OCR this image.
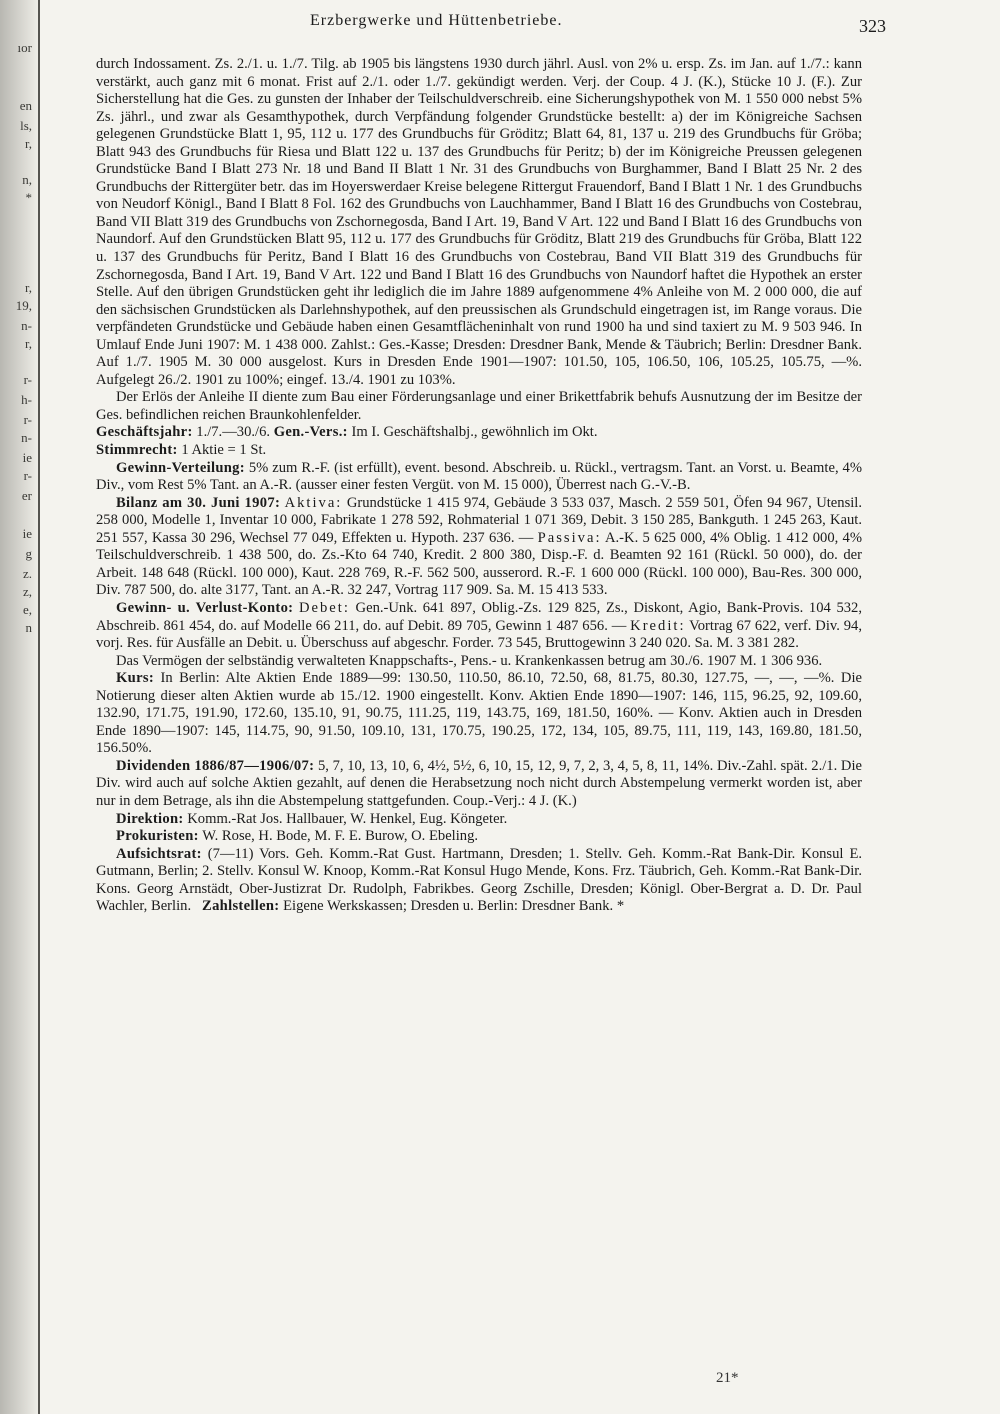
ıor
en
ls,
r,
n,
*
r,
19,
n-
r,
r-
h-
r-
n-
ie
r-
er
ie
g
z.
z,
e,
n
Erzbergwerke und Hüttenbetriebe.	323

durch Indossament. Zs. 2./1. u. 1./7. Tilg. ab 1905 bis längstens 1930 durch jährl. Ausl. von 2% u. ersp. Zs. im Jan. auf 1./7.: kann verstärkt, auch ganz mit 6 monat. Frist auf 2./1. oder 1./7. gekündigt werden. Verj. der Coup. 4 J. (K.), Stücke 10 J. (F.). Zur Sicherstellung hat die Ges. zu gunsten der Inhaber der Teilschuldverschreib. eine Sicherungshypothek von M. 1 550 000 nebst 5% Zs. jährl., und zwar als Gesamthypothek, durch Verpfändung folgender Grundstücke bestellt: a) der im Königreiche Sachsen gelegenen Grundstücke Blatt 1, 95, 112 u. 177 des Grundbuchs für Gröditz; Blatt 64, 81, 137 u. 219 des Grundbuchs für Gröba; Blatt 943 des Grundbuchs für Riesa und Blatt 122 u. 137 des Grundbuchs für Peritz; b) der im Königreiche Preussen gelegenen Grundstücke Band I Blatt 273 Nr. 18 und Band II Blatt 1 Nr. 31 des Grundbuchs von Burghammer, Band I Blatt 25 Nr. 2 des Grundbuchs der Rittergüter betr. das im Hoyerswerdaer Kreise belegene Rittergut Frauendorf, Band I Blatt 1 Nr. 1 des Grundbuchs von Neudorf Königl., Band I Blatt 8 Fol. 162 des Grundbuchs von Lauchhammer, Band I Blatt 16 des Grundbuchs von Costebrau, Band VII Blatt 319 des Grundbuchs von Zschornegosda, Band I Art. 19, Band V Art. 122 und Band I Blatt 16 des Grundbuchs von Naundorf. Auf den Grundstücken Blatt 95, 112 u. 177 des Grundbuchs für Gröditz, Blatt 219 des Grundbuchs für Gröba, Blatt 122 u. 137 des Grundbuchs für Peritz, Band I Blatt 16 des Grundbuchs von Costebrau, Band VII Blatt 319 des Grundbuchs für Zschornegosda, Band I Art. 19, Band V Art. 122 und Band I Blatt 16 des Grundbuchs von Naundorf haftet die Hypothek an erster Stelle. Auf den übrigen Grundstücken geht ihr lediglich die im Jahre 1889 aufgenommene 4% Anleihe von M. 2 000 000, die auf den sächsischen Grundstücken als Darlehnshypothek, auf den preussischen als Grundschuld eingetragen ist, im Range voraus. Die verpfändeten Grundstücke und Gebäude haben einen Gesamtflächeninhalt von rund 1900 ha und sind taxiert zu M. 9 503 946. In Umlauf Ende Juni 1907: M. 1 438 000. Zahlst.: Ges.-Kasse; Dresden: Dresdner Bank, Mende & Täubrich; Berlin: Dresdner Bank. Auf 1./7. 1905 M. 30 000 ausgelost. Kurs in Dresden Ende 1901—1907: 101.50, 105, 106.50, 106, 105.25, 105.75, —%. Aufgelegt 26./2. 1901 zu 100%; eingef. 13./4. 1901 zu 103%.

Der Erlös der Anleihe II diente zum Bau einer Förderungsanlage und einer Brikettfabrik behufs Ausnutzung der im Besitze der Ges. befindlichen reichen Braunkohlenfelder.

Geschäftsjahr: 1./7.—30./6. Gen.-Vers.: Im I. Geschäftshalbj., gewöhnlich im Okt.

Stimmrecht: 1 Aktie = 1 St.

Gewinn-Verteilung: 5% zum R.-F. (ist erfüllt), event. besond. Abschreib. u. Rückl., vertragsm. Tant. an Vorst. u. Beamte, 4% Div., vom Rest 5% Tant. an A.-R. (ausser einer festen Vergüt. von M. 15 000), Überrest nach G.-V.-B.

Bilanz am 30. Juni 1907: Aktiva: Grundstücke 1 415 974, Gebäude 3 533 037, Masch. 2 559 501, Öfen 94 967, Utensil. 258 000, Modelle 1, Inventar 10 000, Fabrikate 1 278 592, Rohmaterial 1 071 369, Debit. 3 150 285, Bankguth. 1 245 263, Kaut. 251 557, Kassa 30 296, Wechsel 77 049, Effekten u. Hypoth. 237 636. — Passiva: A.-K. 5 625 000, 4% Oblig. 1 412 000, 4% Teilschuldverschreib. 1 438 500, do. Zs.-Kto 64 740, Kredit. 2 800 380, Disp.-F. d. Beamten 92 161 (Rückl. 50 000), do. der Arbeit. 148 648 (Rückl. 100 000), Kaut. 228 769, R.-F. 562 500, ausserord. R.-F. 1 600 000 (Rückl. 100 000), Bau-Res. 300 000, Div. 787 500, do. alte 3177, Tant. an A.-R. 32 247, Vortrag 117 909. Sa. M. 15 413 533.

Gewinn- u. Verlust-Konto: Debet: Gen.-Unk. 641 897, Oblig.-Zs. 129 825, Zs., Diskont, Agio, Bank-Provis. 104 532, Abschreib. 861 454, do. auf Modelle 66 211, do. auf Debit. 89 705, Gewinn 1 487 656. — Kredit: Vortrag 67 622, verf. Div. 94, vorj. Res. für Ausfälle an Debit. u. Überschuss auf abgeschr. Forder. 73 545, Bruttogewinn 3 240 020. Sa. M. 3 381 282.

Das Vermögen der selbständig verwalteten Knappschafts-, Pens.- u. Krankenkassen betrug am 30./6. 1907 M. 1 306 936.

Kurs: In Berlin: Alte Aktien Ende 1889—99: 130.50, 110.50, 86.10, 72.50, 68, 81.75, 80.30, 127.75, —, —, —%. Die Notierung dieser alten Aktien wurde ab 15./12. 1900 eingestellt. Konv. Aktien Ende 1890—1907: 146, 115, 96.25, 92, 109.60, 132.90, 171.75, 191.90, 172.60, 135.10, 91, 90.75, 111.25, 119, 143.75, 169, 181.50, 160%. — Konv. Aktien auch in Dresden Ende 1890—1907: 145, 114.75, 90, 91.50, 109.10, 131, 170.75, 190.25, 172, 134, 105, 89.75, 111, 119, 143, 169.80, 181.50, 156.50%.

Dividenden 1886/87—1906/07: 5, 7, 10, 13, 10, 6, 4½, 5½, 6, 10, 15, 12, 9, 7, 2, 3, 4, 5, 8, 11, 14%. Div.-Zahl. spät. 2./1. Die Div. wird auch auf solche Aktien gezahlt, auf denen die Herabsetzung noch nicht durch Abstempelung vermerkt worden ist, aber nur in dem Betrage, als ihn die Abstempelung stattgefunden. Coup.-Verj.: 4 J. (K.)

Direktion: Komm.-Rat Jos. Hallbauer, W. Henkel, Eug. Köngeter.

Prokuristen: W. Rose, H. Bode, M. F. E. Burow, O. Ebeling.

Aufsichtsrat: (7—11) Vors. Geh. Komm.-Rat Gust. Hartmann, Dresden; 1. Stellv. Geh. Komm.-Rat Bank-Dir. Konsul E. Gutmann, Berlin; 2. Stellv. Konsul W. Knoop, Komm.-Rat Konsul Hugo Mende, Kons. Frz. Täubrich, Geh. Komm.-Rat Bank-Dir. Kons. Georg Arnstädt, Ober-Justizrat Dr. Rudolph, Fabrikbes. Georg Zschille, Dresden; Königl. Ober-Bergrat a. D. Dr. Paul Wachler, Berlin. Zahlstellen: Eigene Werkskassen; Dresden u. Berlin: Dresdner Bank. *

21*
